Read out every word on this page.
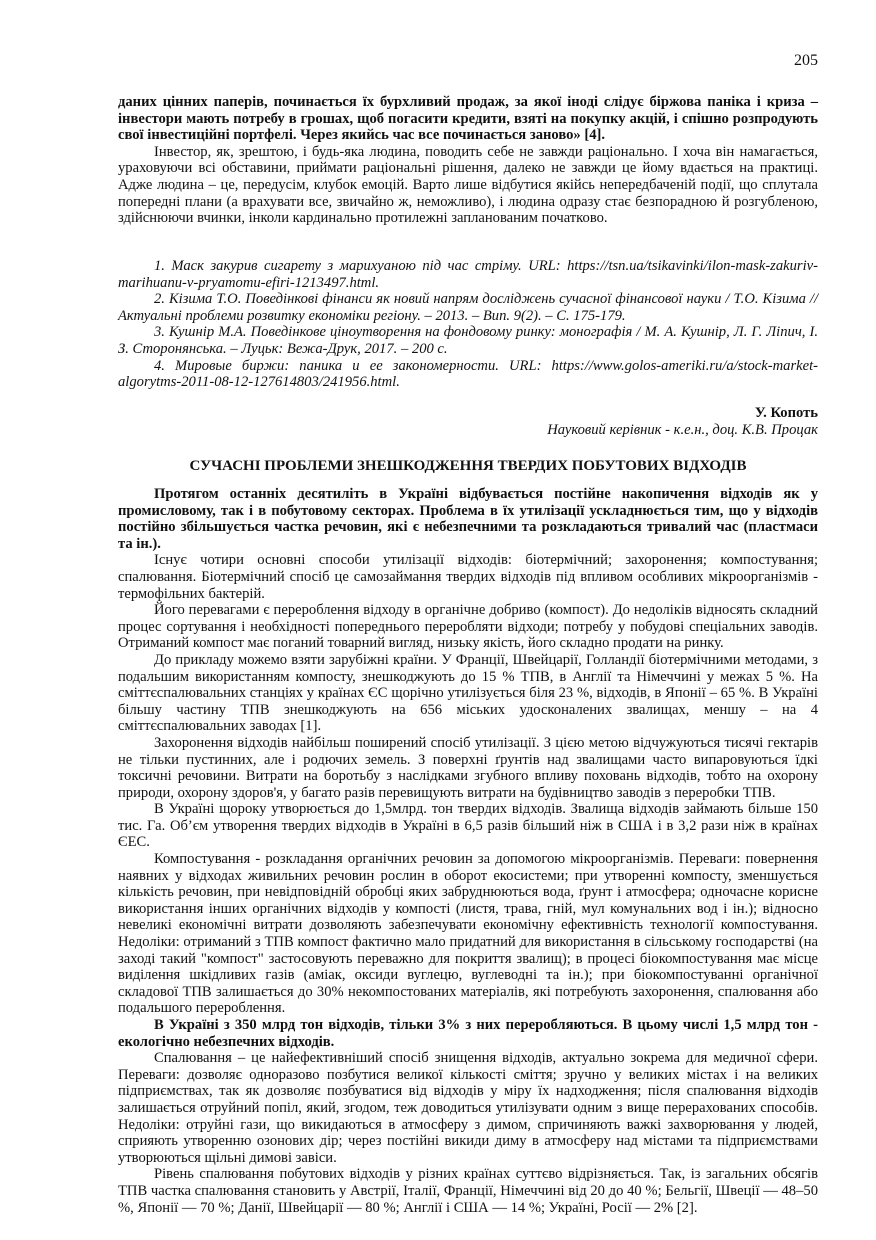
205

даних цінних паперів, починається їх бурхливий продаж, за якої іноді слідує біржова паніка і криза – інвестори мають потребу в грошах, щоб погасити кредити, взяті на покупку акцій, і спішно розпродують свої інвестиційні портфелі. Через якийсь час все починається заново» [4].

Інвестор, як, зрештою, і будь-яка людина, поводить себе не завжди раціонально. І хоча він намагається, ураховуючи всі обставини, приймати раціональні рішення, далеко не завжди це йому вдається на практиці. Адже людина – це, передусім, клубок емоцій. Варто лише відбутися якійсь непередбаченій події, що сплутала попередні плани (а врахувати все, звичайно ж, неможливо), і людина одразу стає безпорадною й розгубленою, здійснюючи вчинки, інколи кардинально протилежні запланованим початково.

1. Маск закурив сигарету з марихуаною під час стріму. URL: https://tsn.ua/tsikavinki/ilon-mask-zakuriv-marihuanu-v-pryamomu-efiri-1213497.html.

2. Кізима Т.О. Поведінкові фінанси як новий напрям досліджень сучасної фінансової науки / Т.О. Кізима // Актуальні проблеми розвитку економіки регіону. – 2013. – Вип. 9(2). – С. 175-179.

3. Кушнір М.А. Поведінкове ціноутворення на фондовому ринку: монографія / М. А. Кушнір, Л. Г. Ліпич, І. З. Сторонянська. – Луцьк: Вежа-Друк, 2017. – 200 с.

4. Мировые биржи: паника и ее закономерности. URL: https://www.golos-ameriki.ru/a/stock-market-algorytms-2011-08-12-127614803/241956.html.

У. Копоть
Науковий керівник - к.е.н., доц. К.В. Процак
СУЧАСНІ ПРОБЛЕМИ ЗНЕШКОДЖЕННЯ ТВЕРДИХ ПОБУТОВИХ ВІДХОДІВ

Протягом останніх десятиліть в Україні відбувається постійне накопичення відходів як у промисловому, так і в побутовому секторах. Проблема в їх утилізації ускладнюється тим, що у відходів постійно збільшується частка речовин, які є небезпечними та розкладаються тривалий час (пластмаси та ін.).

Існує чотири основні способи утилізації відходів: біотермічний; захоронення; компостування; спалювання. Біотермічний спосіб це самозаймання твердих відходів під впливом особливих мікроорганізмів - термофільних бактерій.

Його перевагами є перероблення відходу в органічне добриво (компост). До недоліків відносять складний процес сортування і необхідності попереднього переробляти відходи; потребу у побудові спеціальних заводів. Отриманий компост має поганий товарний вигляд, низьку якість, його складно продати на ринку.

До прикладу можемо взяти зарубіжні країни. У Франції, Швейцарії, Голландії біотермічними методами, з подальшим використанням компосту, знешкоджують до 15 % ТПВ, в Англії та Німеччині у межах 5 %. На сміттєспалювальних станціях у країнах ЄС щорічно утилізується біля 23 %, відходів, в Японії – 65 %. В Україні більшу частину ТПВ знешкоджують на 656 міських удосконалених звалищах, меншу – на 4 сміттєспалювальних заводах [1].

Захоронення відходів найбільш поширений спосіб утилізації. З цією метою відчужуються тисячі гектарів не тільки пустинних, але і родючих земель. З поверхні ґрунтів над звалищами часто випаровуються їдкі токсичні речовини. Витрати на боротьбу з наслідками згубного впливу поховань відходів, тобто на охорону природи, охорону здоров'я, у багато разів перевищують витрати на будівництво заводів з переробки ТПВ.

В Україні щороку утворюється до 1,5млрд. тон твердих відходів. Звалища відходів займають більше 150 тис. Га. Об’єм утворення твердих відходів в Україні в 6,5 разів більший ніж в США і в 3,2 рази ніж в країнах ЄЕС.

Компостування - розкладання органічних речовин за допомогою мікроорганізмів. Переваги: повернення наявних у відходах живильних речовин рослин в оборот екосистеми; при утворенні компосту, зменшується кількість речовин, при невідповідній обробці яких забруднюються вода, ґрунт і атмосфера; одночасне корисне використання інших органічних відходів у компості (листя, трава, гній, мул комунальних вод і ін.); відносно невеликі економічні витрати дозволяють забезпечувати економічну ефективність технології компостування. Недоліки: отриманий з ТПВ компост фактично мало придатний для використання в сільському господарстві (на заході такий "компост" застосовують переважно для покриття звалищ); в процесі біокомпостування має місце виділення шкідливих газів (аміак, оксиди вуглецю, вуглеводні та ін.); при біокомпостуванні органічної складової ТПВ залишається до 30% некомпостованих матеріалів, які потребують захоронення, спалювання або подальшого перероблення.

В Україні з 350 млрд тон відходів, тільки 3% з них переробляються. В цьому числі 1,5 млрд тон - екологічно небезпечних відходів.

Спалювання – це найефективніший спосіб знищення відходів, актуально зокрема для медичної сфери. Переваги: дозволяє одноразово позбутися великої кількості сміття; зручно у великих містах і на великих підприємствах, так як дозволяє позбуватися від відходів у міру їх надходження; після спалювання відходів залишається отруйний попіл, який, згодом, теж доводиться утилізувати одним з вище перерахованих способів. Недоліки: отруйні гази, що викидаються в атмосферу з димом, спричиняють важкі захворювання у людей, сприяють утворенню озонових дір; через постійні викиди диму в атмосферу над містами та підприємствами утворюються щільні димові завіси.

Рівень спалювання побутових відходів у різних країнах суттєво відрізняється. Так, із загальних обсягів ТПВ частка спалювання становить у Австрії, Італії, Франції, Німеччині від 20 до 40 %; Бельгії, Швеції — 48–50 %, Японії — 70 %; Данії, Швейцарії — 80 %; Англії і США — 14 %; Україні, Росії — 2% [2].
